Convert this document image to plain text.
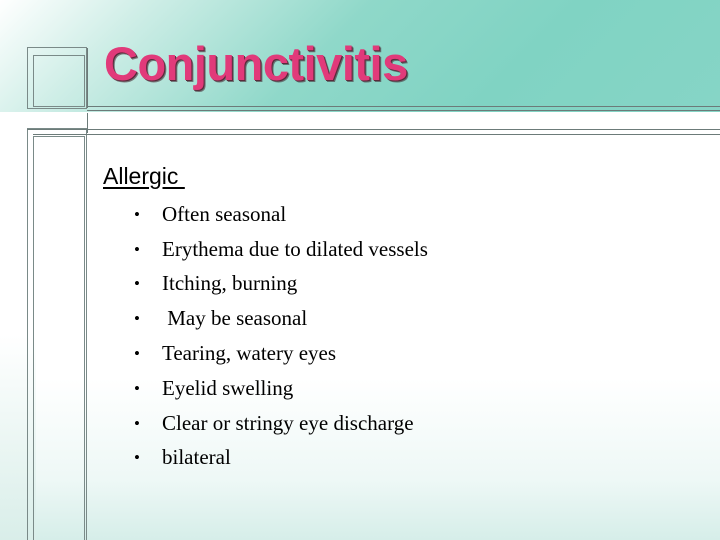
Conjunctivitis

Allergic

•	Often seasonal
•	Erythema due to dilated vessels
•	Itching, burning
•	May be seasonal
•	Tearing, watery eyes
•	Eyelid swelling
•	Clear or stringy eye discharge
•	bilateral
